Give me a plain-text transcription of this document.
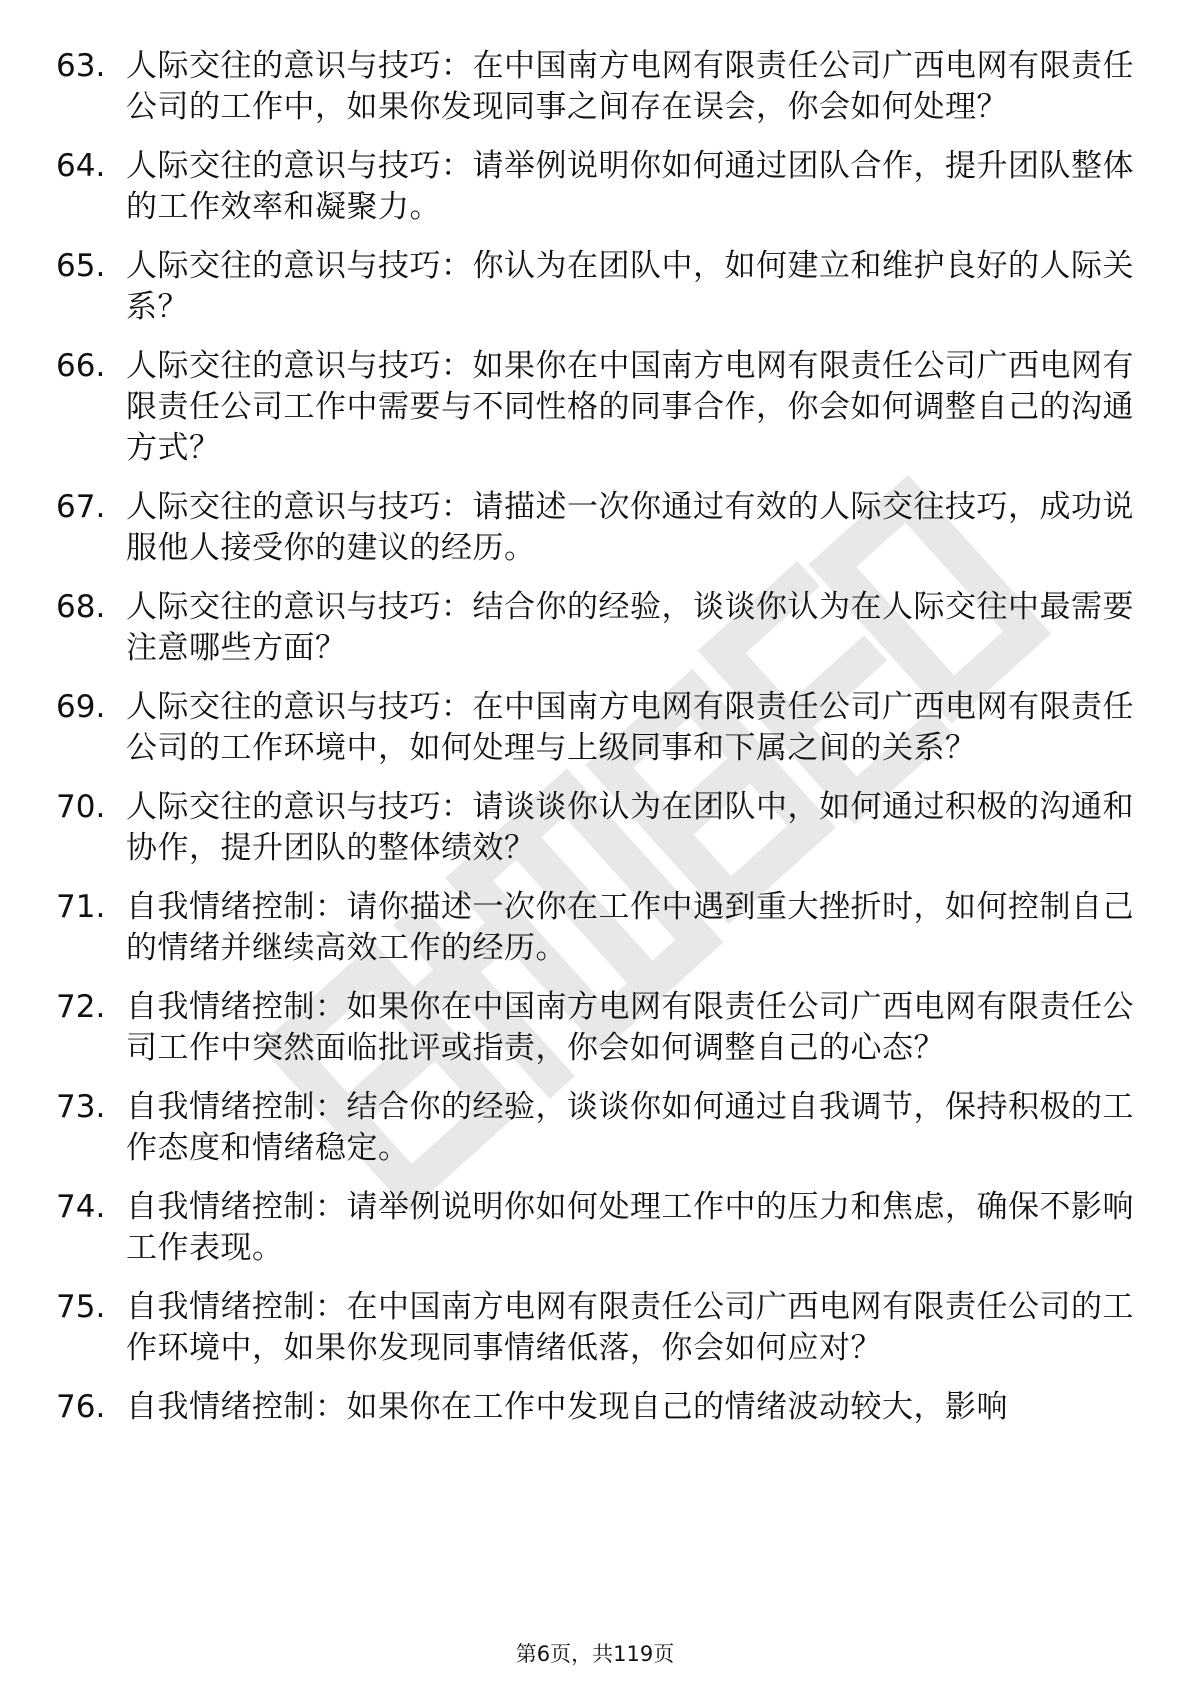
63. 人际交往的意识与技巧：在中国南方电网有限责任公司广西电网有限责任公司的工作中，如果你发现同事之间存在误会，你会如何处理？
64. 人际交往的意识与技巧：请举例说明你如何通过团队合作，提升团队整体的工作效率和凝聚力。
65. 人际交往的意识与技巧：你认为在团队中，如何建立和维护良好的人际关系？
66. 人际交往的意识与技巧：如果你在中国南方电网有限责任公司广西电网有限责任公司工作中需要与不同性格的同事合作，你会如何调整自己的沟通方式？
67. 人际交往的意识与技巧：请描述一次你通过有效的人际交往技巧，成功说服他人接受你的建议的经历。
68. 人际交往的意识与技巧：结合你的经验，谈谈你认为在人际交往中最需要注意哪些方面？
69. 人际交往的意识与技巧：在中国南方电网有限责任公司广西电网有限责任公司的工作环境中，如何处理与上级同事和下属之间的关系？
70. 人际交往的意识与技巧：请谈谈你认为在团队中，如何通过积极的沟通和协作，提升团队的整体绩效？
71. 自我情绪控制：请你描述一次你在工作中遇到重大挫折时，如何控制自己的情绪并继续高效工作的经历。
72. 自我情绪控制：如果你在中国南方电网有限责任公司广西电网有限责任公司工作中突然面临批评或指责，你会如何调整自己的心态？
73. 自我情绪控制：结合你的经验，谈谈你如何通过自我调节，保持积极的工作态度和情绪稳定。
74. 自我情绪控制：请举例说明你如何处理工作中的压力和焦虑，确保不影响工作表现。
75. 自我情绪控制：在中国南方电网有限责任公司广西电网有限责任公司的工作环境中，如果你发现同事情绪低落，你会如何应对？
76. 自我情绪控制：如果你在工作中发现自己的情绪波动较大，影响
第6页，共119页
